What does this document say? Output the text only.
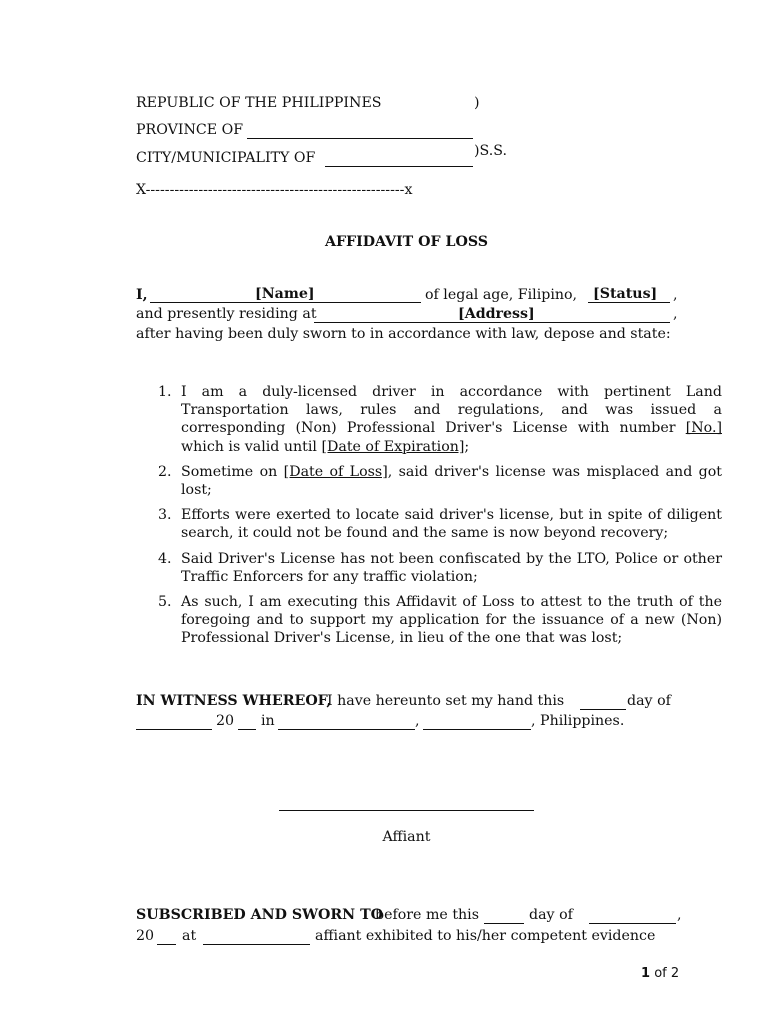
REPUBLIC OF THE PHILIPPINES	)
PROVINCE OF
CITY/MUNICIPALITY OF	)S.S.
X------------------------------------------------------x
AFFIDAVIT OF LOSS
I,	[Name]	of legal age, Filipino, [Status] ,
and presently residing at	[Address]	,
after having been duly sworn to in accordance with law, depose and state:
1. I am a duly-licensed driver in accordance with pertinent Land Transportation laws, rules and regulations, and was issued a corresponding (Non) Professional Driver's License with number [No.] which is valid until [Date of Expiration];
2. Sometime on [Date of Loss], said driver's license was misplaced and got lost;
3. Efforts were exerted to locate said driver's license, but in spite of diligent search, it could not be found and the same is now beyond recovery;
4. Said Driver's License has not been confiscated by the LTO, Police or other Traffic Enforcers for any traffic violation;
5. As such, I am executing this Affidavit of Loss to attest to the truth of the foregoing and to support my application for the issuance of a new (Non) Professional Driver's License, in lieu of the one that was lost;
IN WITNESS WHEREOF,
I have hereunto set my hand this	day of
20 in	,	, Philippines.
Affiant
SUBSCRIBED AND SWORN TO
before me this	day of	,
20 at	affiant exhibited to his/her competent evidence
1 of 2
